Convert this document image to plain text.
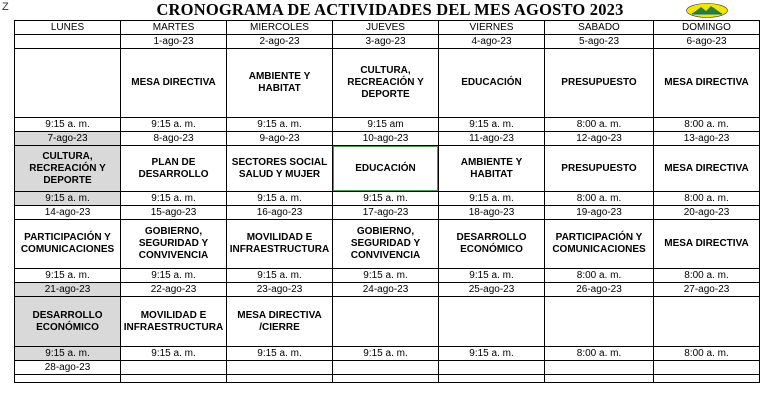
Z	CRONOGRAMA DE ACTIVIDADES DEL MES AGOSTO 2023
LUNES	MARTES	MIERCOLES	JUEVES	VIERNES	SABADO	DOMINGO
	1-ago-23	2-ago-23	3-ago-23	4-ago-23	5-ago-23	6-ago-23
	MESA DIRECTIVA	AMBIENTE Y HABITAT	CULTURA, RECREACIÓN Y DEPORTE	EDUCACIÓN	PRESUPUESTO	MESA DIRECTIVA
9:15 a. m.	9:15 a. m.	9:15 a. m.	9:15 am	9:15 a. m.	8:00 a. m.	8:00 a. m.
7-ago-23	8-ago-23	9-ago-23	10-ago-23	11-ago-23	12-ago-23	13-ago-23
CULTURA, RECREACIÓN Y DEPORTE	PLAN DE DESARROLLO	SECTORES SOCIAL SALUD Y MUJER	EDUCACIÓN	AMBIENTE Y HABITAT	PRESUPUESTO	MESA DIRECTIVA
9:15 a. m.	9:15 a. m.	9:15 a. m.	9:15 a. m.	9:15 a. m.	8:00 a. m.	8:00 a. m.
14-ago-23	15-ago-23	16-ago-23	17-ago-23	18-ago-23	19-ago-23	20-ago-23
PARTICIPACIÓN Y COMUNICACIONES	GOBIERNO, SEGURIDAD Y CONVIVENCIA	MOVILIDAD E INFRAESTRUCTURA	GOBIERNO, SEGURIDAD Y CONVIVENCIA	DESARROLLO ECONÓMICO	PARTICIPACIÓN Y COMUNICACIONES	MESA DIRECTIVA
9:15 a. m.	9:15 a. m.	9:15 a. m.	9:15 a. m.	9:15 a. m.	8:00 a. m.	8:00 a. m.
21-ago-23	22-ago-23	23-ago-23	24-ago-23	25-ago-23	26-ago-23	27-ago-23
DESARROLLO ECONÓMICO	MOVILIDAD E INFRAESTRUCTURA	MESA DIRECTIVA /CIERRE				
9:15 a. m.	9:15 a. m.	9:15 a. m.	9:15 a. m.	9:15 a. m.	8:00 a. m.	8:00 a. m.
28-ago-23						
